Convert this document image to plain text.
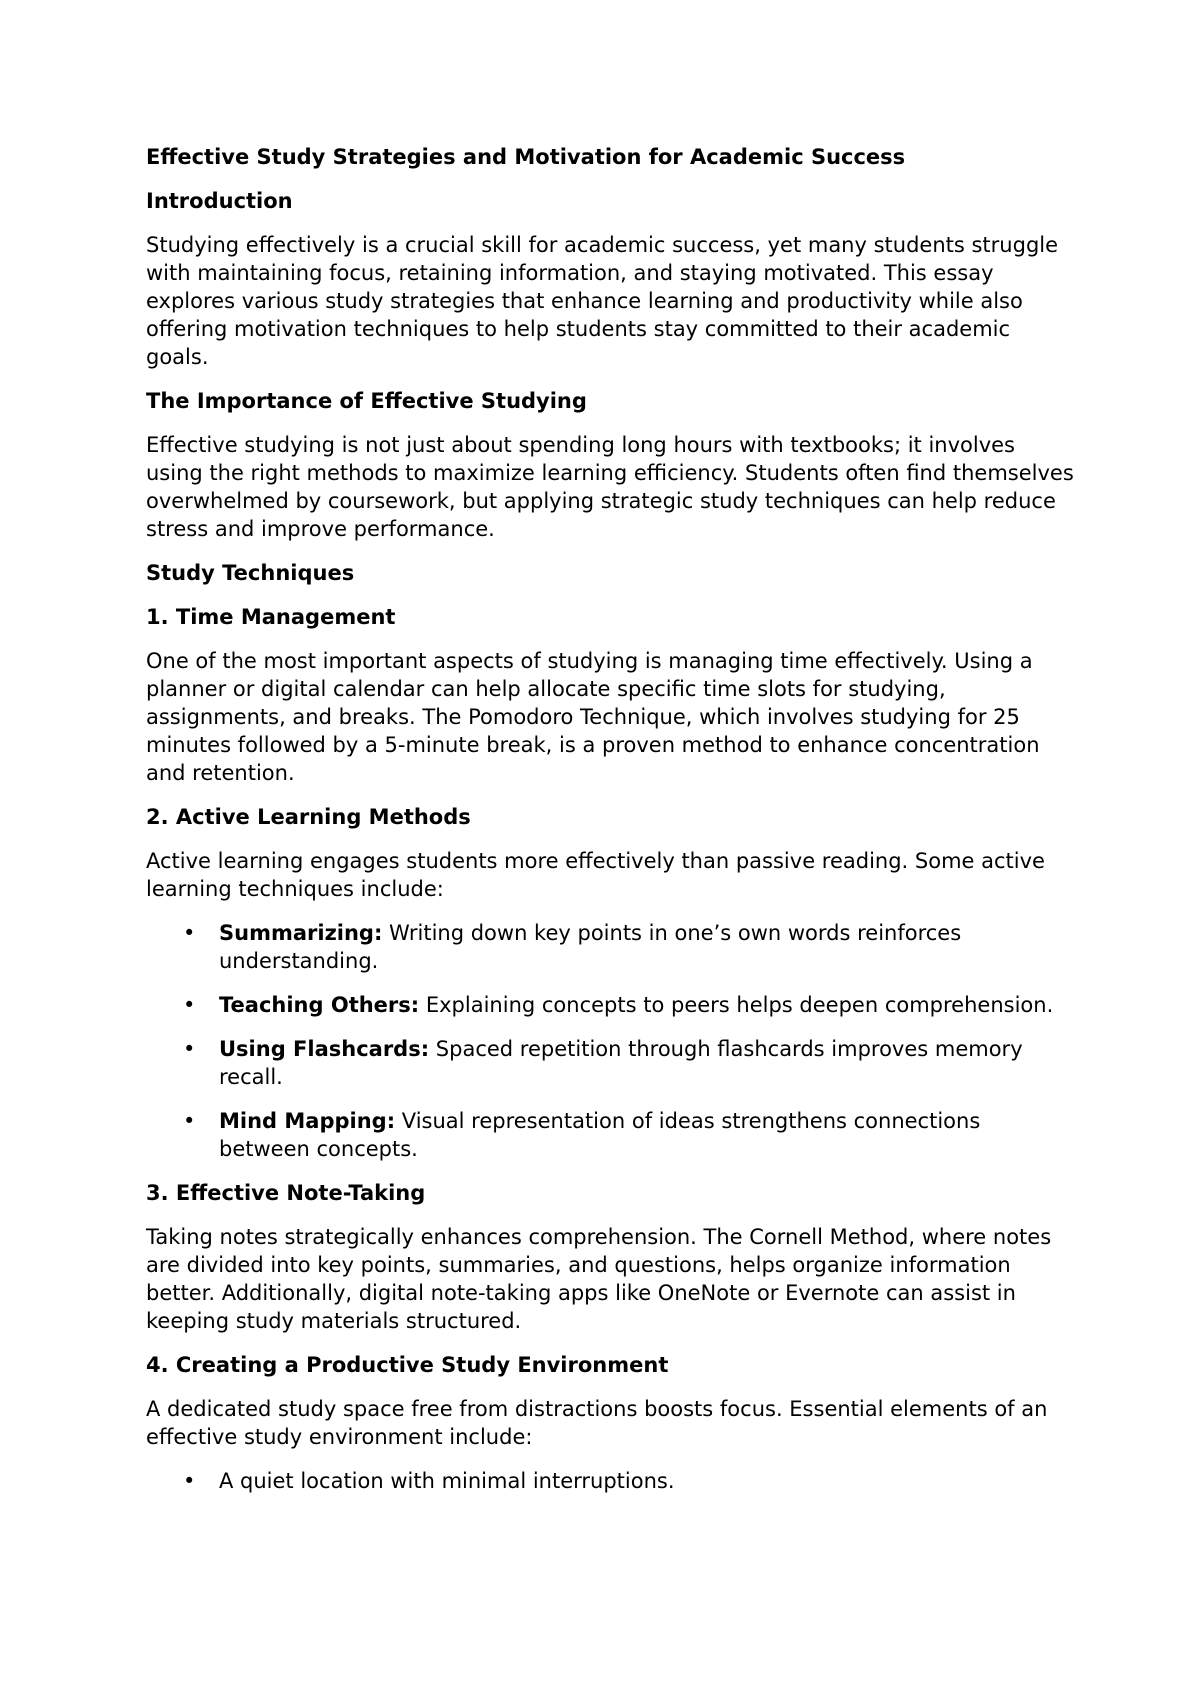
Effective Study Strategies and Motivation for Academic Success
Introduction
Studying effectively is a crucial skill for academic success, yet many students struggle with maintaining focus, retaining information, and staying motivated. This essay explores various study strategies that enhance learning and productivity while also offering motivation techniques to help students stay committed to their academic goals.
The Importance of Effective Studying
Effective studying is not just about spending long hours with textbooks; it involves using the right methods to maximize learning efficiency. Students often find themselves overwhelmed by coursework, but applying strategic study techniques can help reduce stress and improve performance.
Study Techniques
1. Time Management
One of the most important aspects of studying is managing time effectively. Using a planner or digital calendar can help allocate specific time slots for studying, assignments, and breaks. The Pomodoro Technique, which involves studying for 25 minutes followed by a 5-minute break, is a proven method to enhance concentration and retention.
2. Active Learning Methods
Active learning engages students more effectively than passive reading. Some active learning techniques include:
• Summarizing: Writing down key points in one’s own words reinforces understanding.
• Teaching Others: Explaining concepts to peers helps deepen comprehension.
• Using Flashcards: Spaced repetition through flashcards improves memory recall.
• Mind Mapping: Visual representation of ideas strengthens connections between concepts.
3. Effective Note-Taking
Taking notes strategically enhances comprehension. The Cornell Method, where notes are divided into key points, summaries, and questions, helps organize information better. Additionally, digital note-taking apps like OneNote or Evernote can assist in keeping study materials structured.
4. Creating a Productive Study Environment
A dedicated study space free from distractions boosts focus. Essential elements of an effective study environment include:
• A quiet location with minimal interruptions.
